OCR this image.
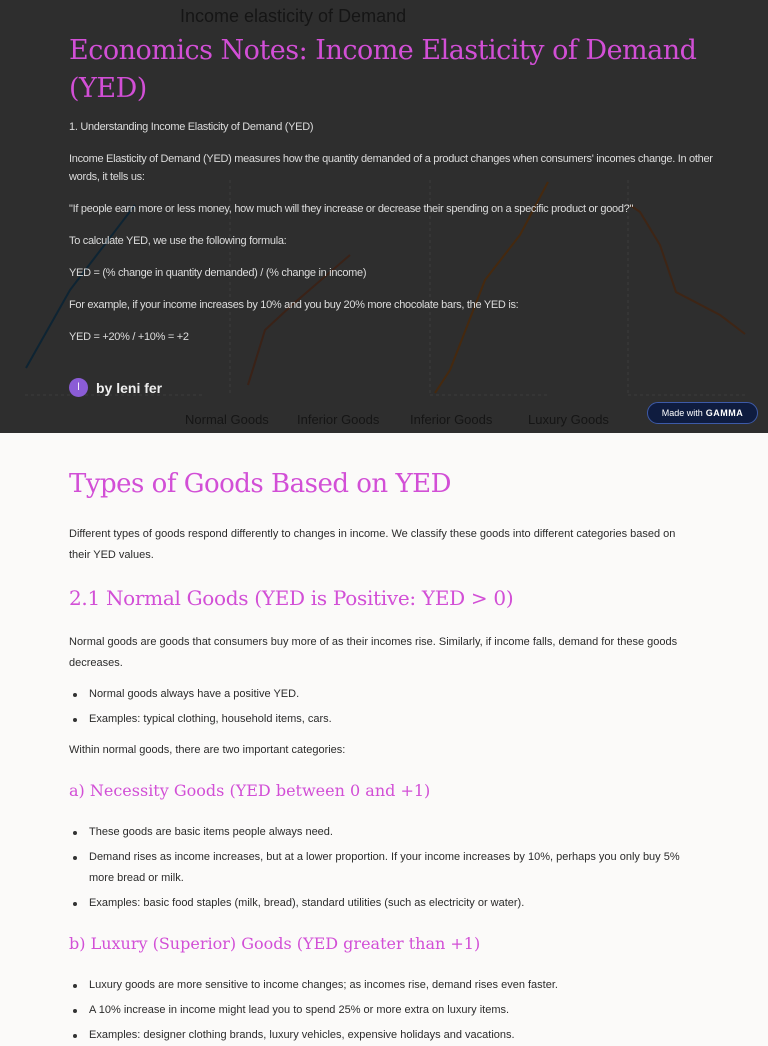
Income elasticity of Demand
Normal Goods Inferior Goods Inferior Goods	Luxury Goods
Economics Notes: Income Elasticity of Demand (YED)

1. Understanding Income Elasticity of Demand (YED)

Income Elasticity of Demand (YED) measures how the quantity demanded of a product changes when consumers' incomes change. In other words, it tells us:

"If people earn more or less money, how much will they increase or decrease their spending on a specific product or good?"

To calculate YED, we use the following formula:

YED = (% change in quantity demanded) / (% change in income)

For example, if your income increases by 10% and you buy 20% more chocolate bars, the YED is:

YED = +20% / +10% = +2

l	by leni fer
Made with GAMMA
Types of Goods Based on YED

Different types of goods respond differently to changes in income. We classify these goods into different categories based on their YED values.

2.1 Normal Goods (YED is Positive: YED > 0)

Normal goods are goods that consumers buy more of as their incomes rise. Similarly, if income falls, demand for these goods decreases.

Normal goods always have a positive YED.
Examples: typical clothing, household items, cars.

Within normal goods, there are two important categories:

a) Necessity Goods (YED between 0 and +1)
These goods are basic items people always need.
Demand rises as income increases, but at a lower proportion. If your income increases by 10%, perhaps you only buy 5% more bread or milk.
Examples: basic food staples (milk, bread), standard utilities (such as electricity or water).
b) Luxury (Superior) Goods (YED greater than +1)
Luxury goods are more sensitive to income changes; as incomes rise, demand rises even faster.
A 10% increase in income might lead you to spend 25% or more extra on luxury items.
Examples: designer clothing brands, luxury vehicles, expensive holidays and vacations.
